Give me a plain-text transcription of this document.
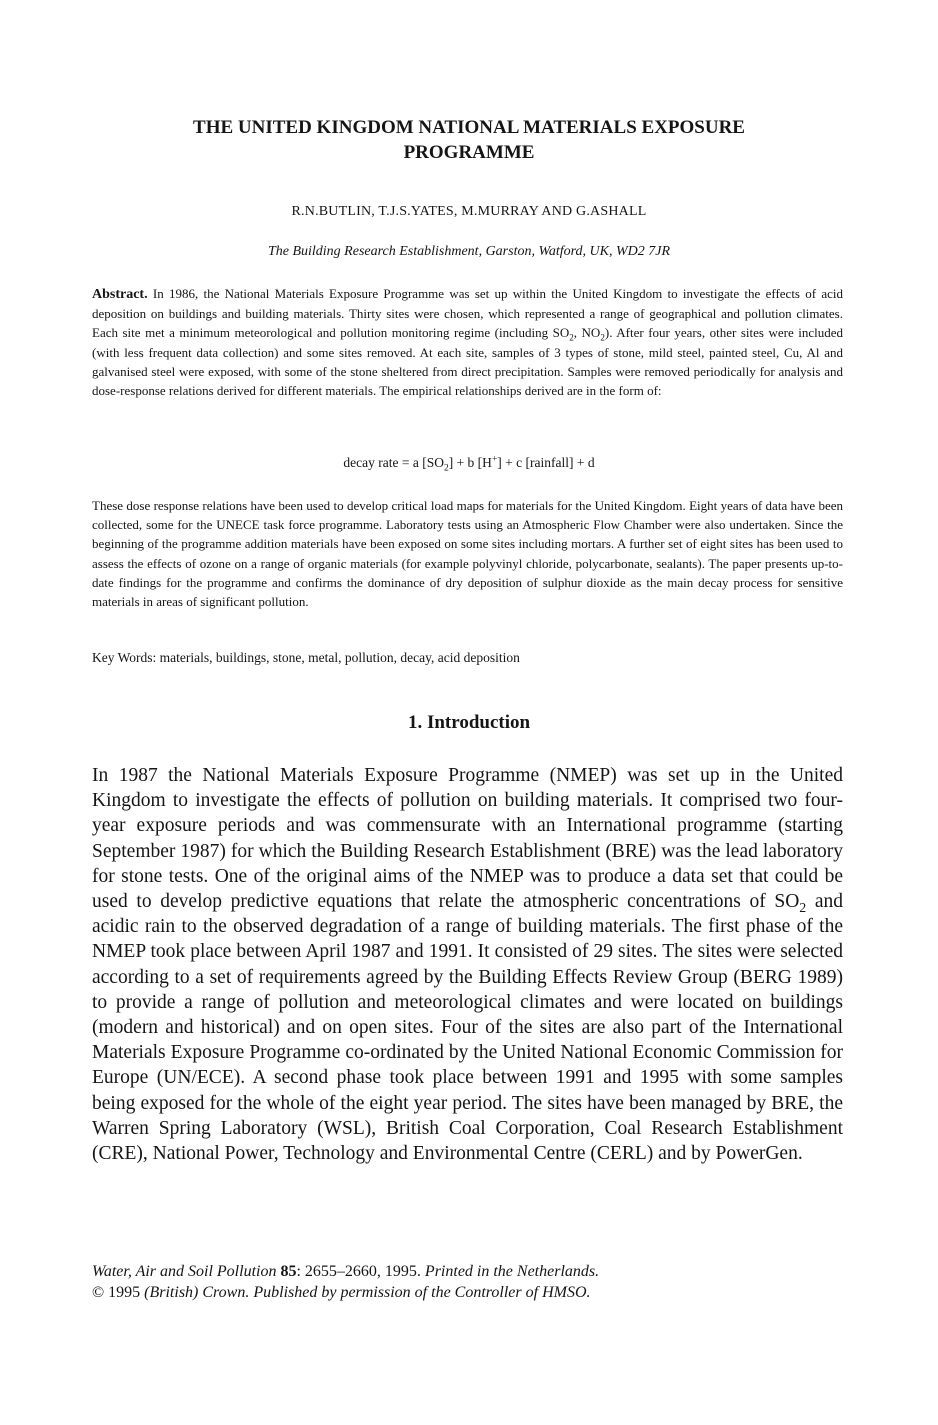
THE UNITED KINGDOM NATIONAL MATERIALS EXPOSURE
PROGRAMME
R.N.BUTLIN, T.J.S.YATES, M.MURRAY AND G.ASHALL
The Building Research Establishment, Garston, Watford, UK, WD2 7JR

Abstract. In 1986, the National Materials Exposure Programme was set up within the United Kingdom to investigate the effects of acid deposition on buildings and building materials. Thirty sites were chosen, which represented a range of geographical and pollution climates. Each site met a minimum meteorological and pollution monitoring regime (including $SO_2$, $NO_2$). After four years, other sites were included (with less frequent data collection) and some sites removed. At each site, samples of 3 types of stone, mild steel, painted steel, Cu, Al and galvanised steel were exposed, with some of the stone sheltered from direct precipitation. Samples were removed periodically for analysis and dose-response relations derived for different materials. The empirical relationships derived are in the form of:

decay rate = a $[SO_2] + b$ [H+] + c [rainfall] + d

These dose response relations have been used to develop critical load maps for materials for the United Kingdom. Eight years of data have been collected, some for the UNECE task force programme. Laboratory tests using an Atmospheric Flow Chamber were also undertaken. Since the beginning of the programme addition materials have been exposed on some sites including mortars. A further set of eight sites has been used to assess the effects of ozone on a range of organic materials (for example polyvinyl chloride, polycarbonate, sealants). The paper presents up-to-date findings for the programme and confirms the dominance of dry deposition of sulphur dioxide as the main decay process for sensitive materials in areas of significant pollution.

Key Words: materials, buildings, stone, metal, pollution, decay, acid deposition
1. Introduction

In 1987 the National Materials Exposure Programme (NMEP) was set up in the United Kingdom to investigate the effects of pollution on building materials. It comprised two four-year exposure periods and was commensurate with an International programme (starting September 1987) for which the Building Research Establishment (BRE) was the lead laboratory for stone tests. One of the original aims of the NMEP was to produce a data set that could be used to develop predictive equations that relate the atmospheric concentrations of $SO_2$ and acidic rain to the observed degradation of a range of building materials. The first phase of the NMEP took place between April 1987 and 1991. It consisted of 29 sites. The sites were selected according to a set of requirements agreed by the Building Effects Review Group (BERG 1989) to provide a range of pollution and meteorological climates and were located on buildings (modern and historical) and on open sites. Four of the sites are also part of the International Materials Exposure Programme co-ordinated by the United National Economic Commission for Europe (UN/ECE). A second phase took place between 1991 and 1995 with some samples being exposed for the whole of the eight year period. The sites have been managed by BRE, the Warren Spring Laboratory (WSL), British Coal Corporation, Coal Research Establishment (CRE), National Power, Technology and Environmental Centre (CERL) and by PowerGen.

Water, Air and Soil Pollution 85: 2655–2660, 1995. Printed in the Netherlands.
© 1995 (British) Crown. Published by permission of the Controller of HMSO.
